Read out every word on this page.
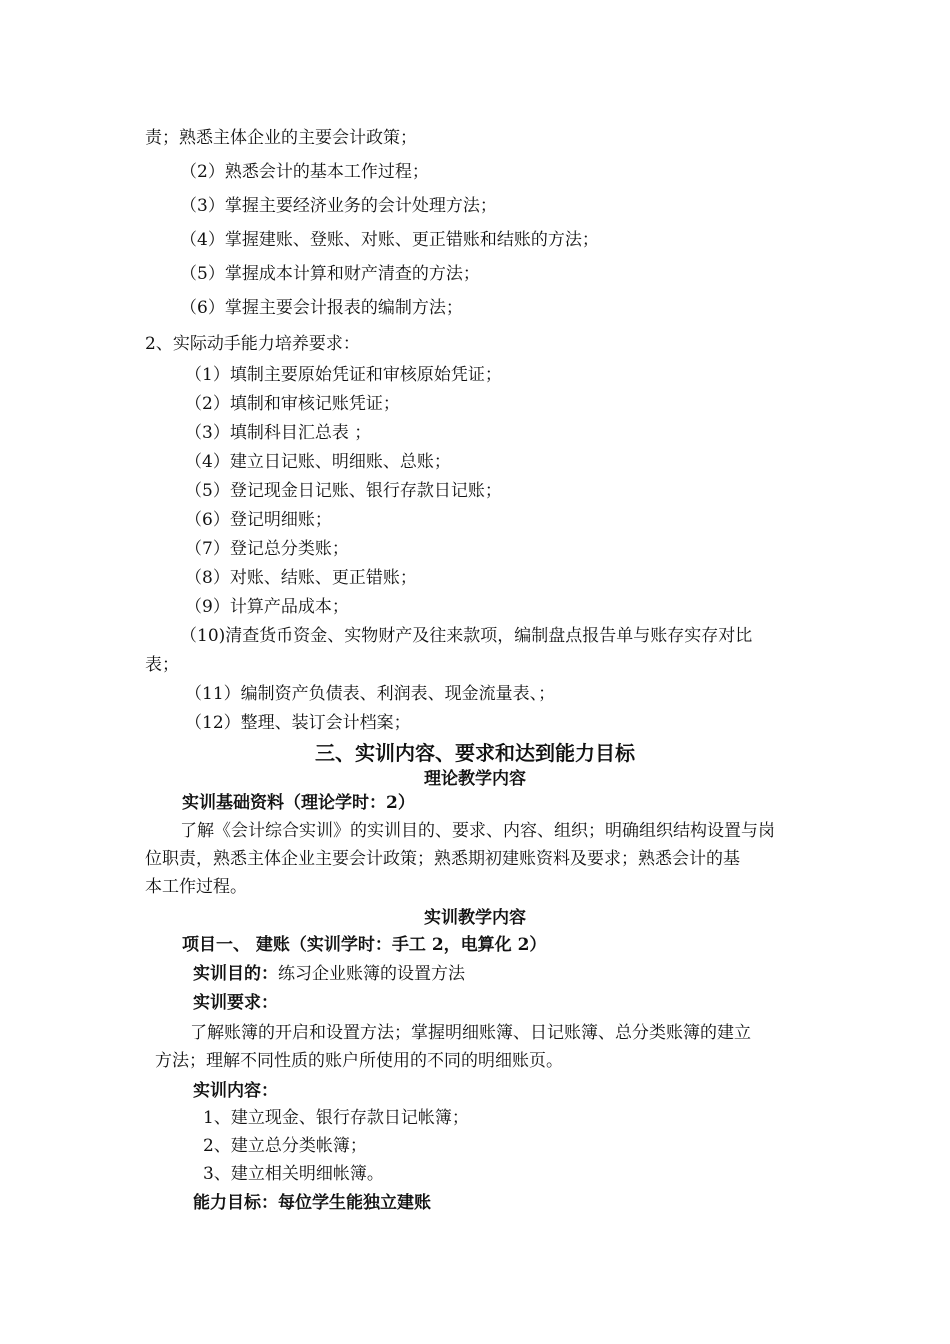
责；熟悉主体企业的主要会计政策；
（2）熟悉会计的基本工作过程；
（3）掌握主要经济业务的会计处理方法；
（4）掌握建账、登账、对账、更正错账和结账的方法；
（5）掌握成本计算和财产清查的方法；
（6）掌握主要会计报表的编制方法；
2、实际动手能力培养要求：
（1）填制主要原始凭证和审核原始凭证；
（2）填制和审核记账凭证；
（3）填制科目汇总表 ；
（4）建立日记账、明细账、总账；
（5）登记现金日记账、银行存款日记账；
（6）登记明细账；
（7）登记总分类账；
（8）对账、结账、更正错账；
（9）计算产品成本；
（10)清查货币资金、实物财产及往来款项，编制盘点报告单与账存实存对比
表；
（11）编制资产负债表、利润表、现金流量表、；
（12）整理、装订会计档案；
三、实训内容、要求和达到能力目标
理论教学内容
实训基础资料（理论学时：2）
了解《会计综合实训》的实训目的、要求、内容、组织；明确组织结构设置与岗
位职责，熟悉主体企业主要会计政策；熟悉期初建账资料及要求；熟悉会计的基
本工作过程。
实训教学内容
项目一、 建账（实训学时：手工 2，电算化 2）
实训目的：练习企业账簿的设置方法
实训要求：
了解账簿的开启和设置方法；掌握明细账簿、日记账簿、总分类账簿的建立
方法；理解不同性质的账户所使用的不同的明细账页。
实训内容：
1、建立现金、银行存款日记帐簿；
2、建立总分类帐簿；
3、建立相关明细帐簿。
能力目标：每位学生能独立建账
